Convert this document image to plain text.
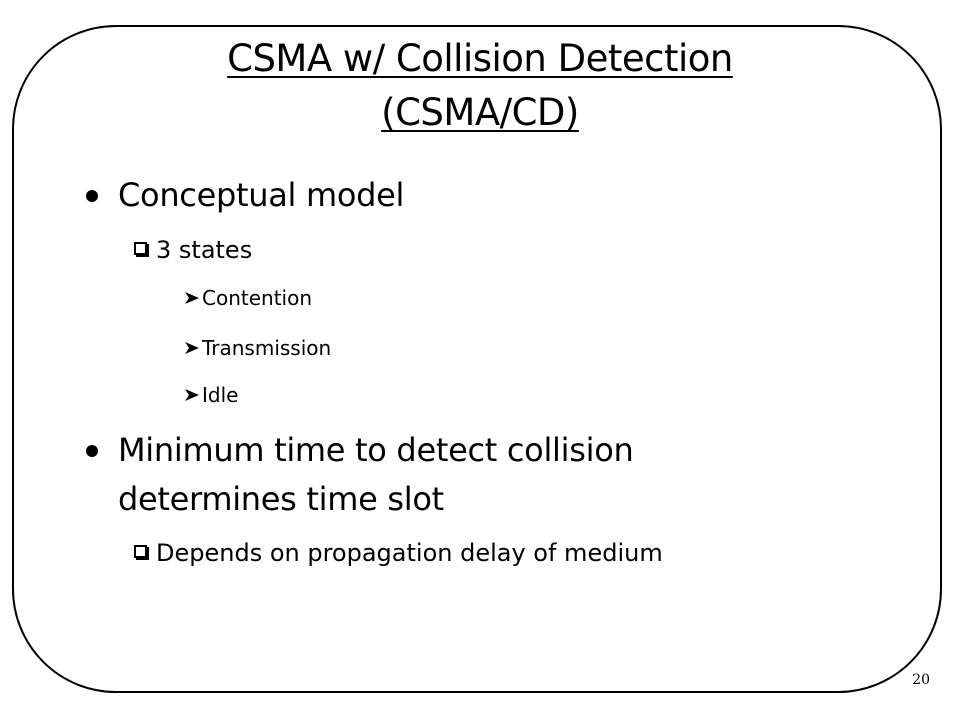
CSMA w/ Collision Detection
(CSMA/CD)
Conceptual model
3 states
Contention
Transmission
Idle
Minimum time to detect collision
determines time slot
Depends on propagation delay of medium
20
